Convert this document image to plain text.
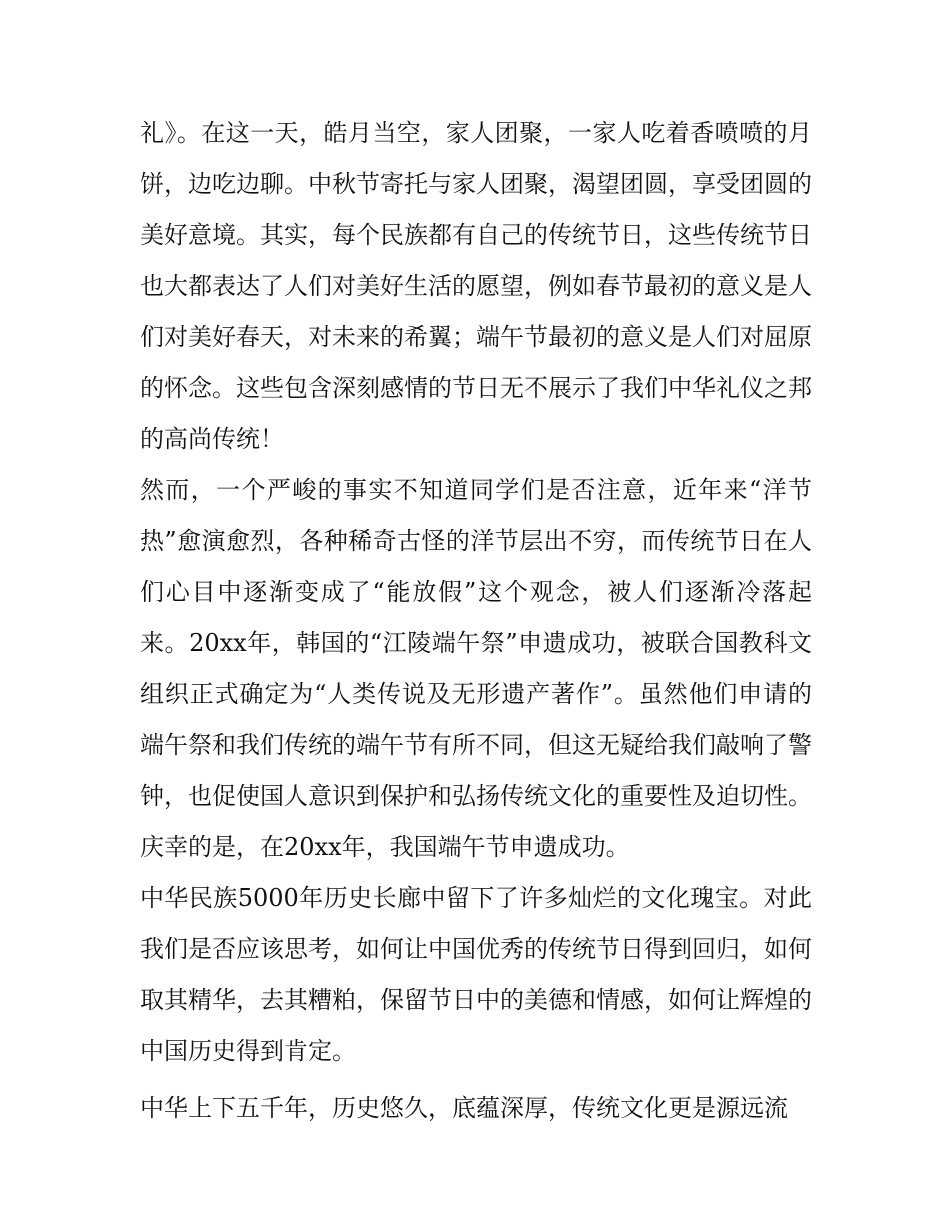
礼》。在这一天，皓月当空，家人团聚，一家人吃着香喷喷的月饼，边吃边聊。中秋节寄托与家人团聚，渴望团圆，享受团圆的美好意境。其实，每个民族都有自己的传统节日，这些传统节日也大都表达了人们对美好生活的愿望，例如春节最初的意义是人们对美好春天，对未来的希翼；端午节最初的意义是人们对屈原的怀念。这些包含深刻感情的节日无不展示了我们中华礼仪之邦的高尚传统！

然而，一个严峻的事实不知道同学们是否注意，近年来“洋节热”愈演愈烈，各种稀奇古怪的洋节层出不穷，而传统节日在人们心目中逐渐变成了“能放假”这个观念，被人们逐渐冷落起来。20xx年，韩国的“江陵端午祭”申遗成功，被联合国教科文组织正式确定为“人类传说及无形遗产著作”。虽然他们申请的端午祭和我们传统的端午节有所不同，但这无疑给我们敲响了警钟，也促使国人意识到保护和弘扬传统文化的重要性及迫切性。庆幸的是，在20xx年，我国端午节申遗成功。

中华民族5000年历史长廊中留下了许多灿烂的文化瑰宝。对此我们是否应该思考，如何让中国优秀的传统节日得到回归，如何取其精华，去其糟粕，保留节日中的美德和情感，如何让辉煌的中国历史得到肯定。

中华上下五千年，历史悠久，底蕴深厚，传统文化更是源远流
